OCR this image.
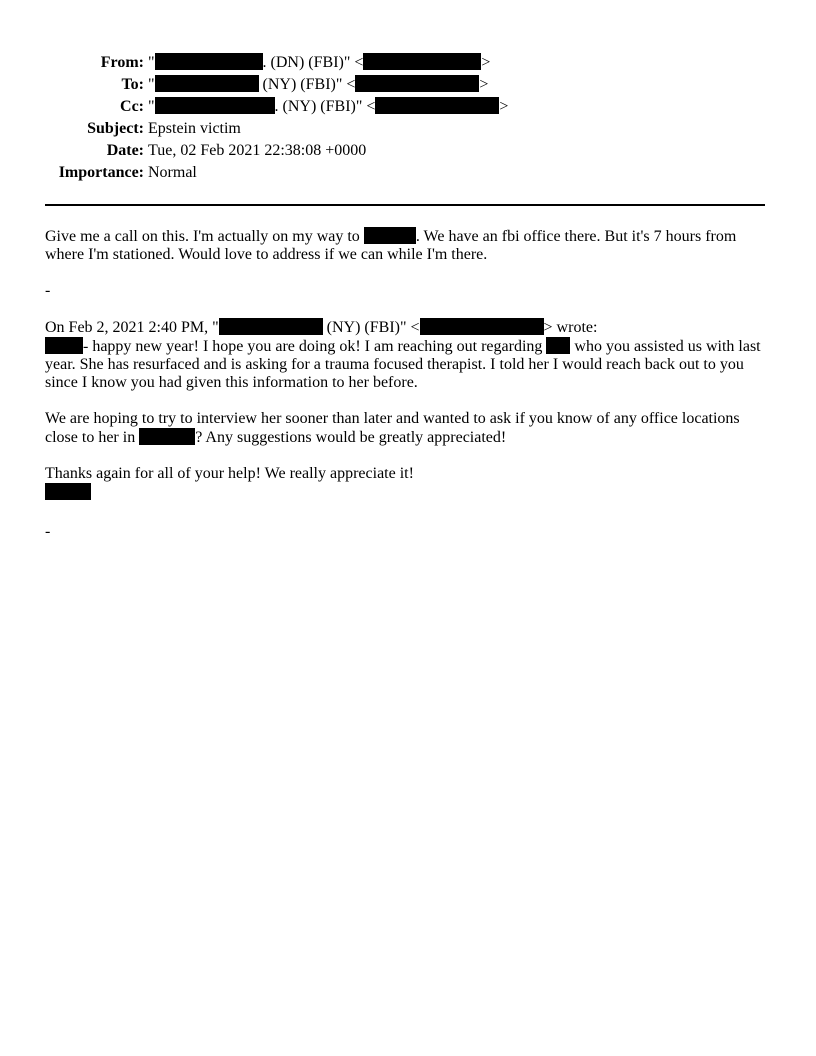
From: "	. (DN) (FBI)" <	>
To: "	(NY) (FBI)" <	>
Cc: "	. (NY) (FBI)" <	>
Subject: Epstein victim
Date: Tue, 02 Feb 2021 22:38:08 +0000
Importance: Normal

Give me a call on this. I'm actually on my way to	. We have an fbi office there. But it's 7 hours from where I'm stationed. Would love to address if we can while I'm there.

-

On Feb 2, 2021 2:40 PM, "	(NY) (FBI)" <	> wrote:
- happy new year! I hope you are doing ok! I am reaching out regarding  who you assisted us with last year. She has resurfaced and is asking for a trauma focused therapist. I told her I would reach back out to you since I know you had given this information to her before.

We are hoping to try to interview her sooner than later and wanted to ask if you know of any office locations close to her in	? Any suggestions would be greatly appreciated!

Thanks again for all of your help! We really appreciate it!

-
